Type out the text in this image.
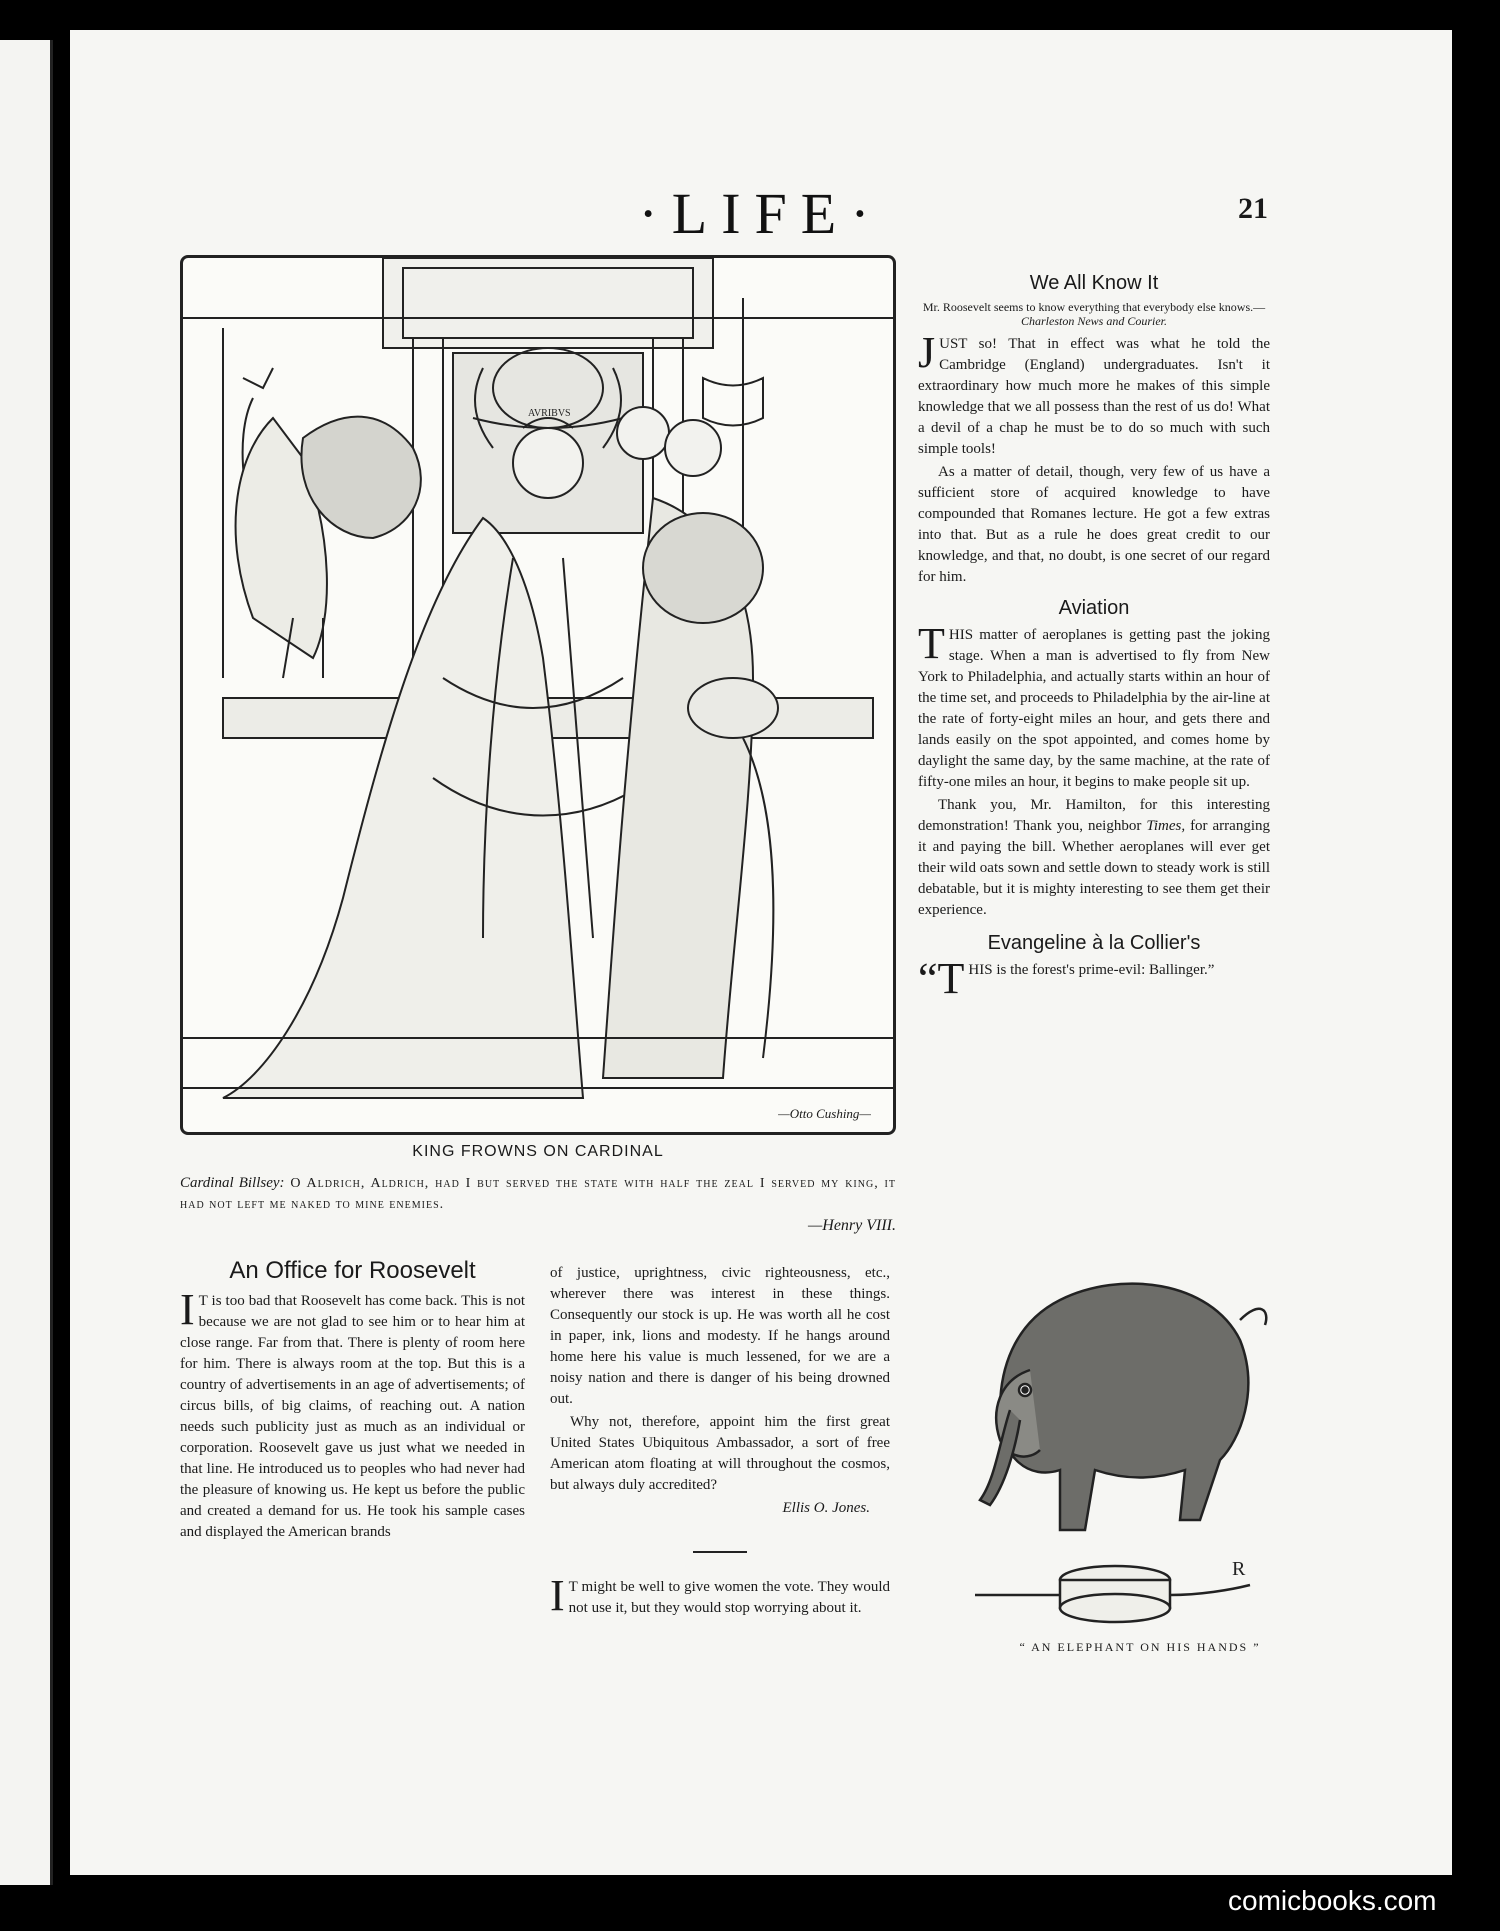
·LIFE·	21
AVRIBVS
—Otto Cushing—
KING FROWNS ON CARDINAL
Cardinal Billsey: O Aldrich, Aldrich, had I but served the state with half the zeal I served my king, it had not left me naked to mine enemies.
—Henry VIII.
An Office for Roosevelt

I T is too bad that Roosevelt has come back. This is not because we are not glad to see him or to hear him at close range. Far from that. There is plenty of room here for him. There is always room at the top. But this is a country of advertisements in an age of advertisements; of circus bills, of big claims, of reaching out. A nation needs such publicity just as much as an individual or corporation. Roosevelt gave us just what we needed in that line. He introduced us to peoples who had never had the pleasure of knowing us. He kept us before the public and created a demand for us. He took his sample cases and displayed the American brands

of justice, uprightness, civic righteousness, etc., wherever there was interest in these things. Consequently our stock is up. He was worth all he cost in paper, ink, lions and modesty. If he hangs around home here his value is much lessened, for we are a noisy nation and there is danger of his being drowned out.

Why not, therefore, appoint him the first great United States Ubiquitous Ambassador, a sort of free American atom floating at will throughout the cosmos, but always duly accredited?

Ellis O. Jones.

I T might be well to give women the vote. They would not use it, but they would stop worrying about it.

We All Know It
Mr. Roosevelt seems to know everything that everybody else knows.—Charleston News and Courier.

JUST so! That in effect was what he told the Cambridge (England) undergraduates. Isn't it extraordinary how much more he makes of this simple knowledge that we all possess than the rest of us do! What a devil of a chap he must be to do so much with such simple tools!

As a matter of detail, though, very few of us have a sufficient store of acquired knowledge to have compounded that Romanes lecture. He got a few extras into that. But as a rule he does great credit to our knowledge, and that, no doubt, is one secret of our regard for him.

Aviation

THIS matter of aeroplanes is getting past the joking stage. When a man is advertised to fly from New York to Philadelphia, and actually starts within an hour of the time set, and proceeds to Philadelphia by the air-line at the rate of forty-eight miles an hour, and gets there and lands easily on the spot appointed, and comes home by daylight the same day, by the same machine, at the rate of fifty-one miles an hour, it begins to make people sit up.

Thank you, Mr. Hamilton, for this interesting demonstration! Thank you, neighbor Times, for arranging it and paying the bill. Whether aeroplanes will ever get their wild oats sown and settle down to steady work is still debatable, but it is mighty interesting to see them get their experience.

Evangeline à la Collier's

“THIS is the forest's prime-evil: Ballinger.”

R
“ AN ELEPHANT ON HIS HANDS ”
comicbooks.com
